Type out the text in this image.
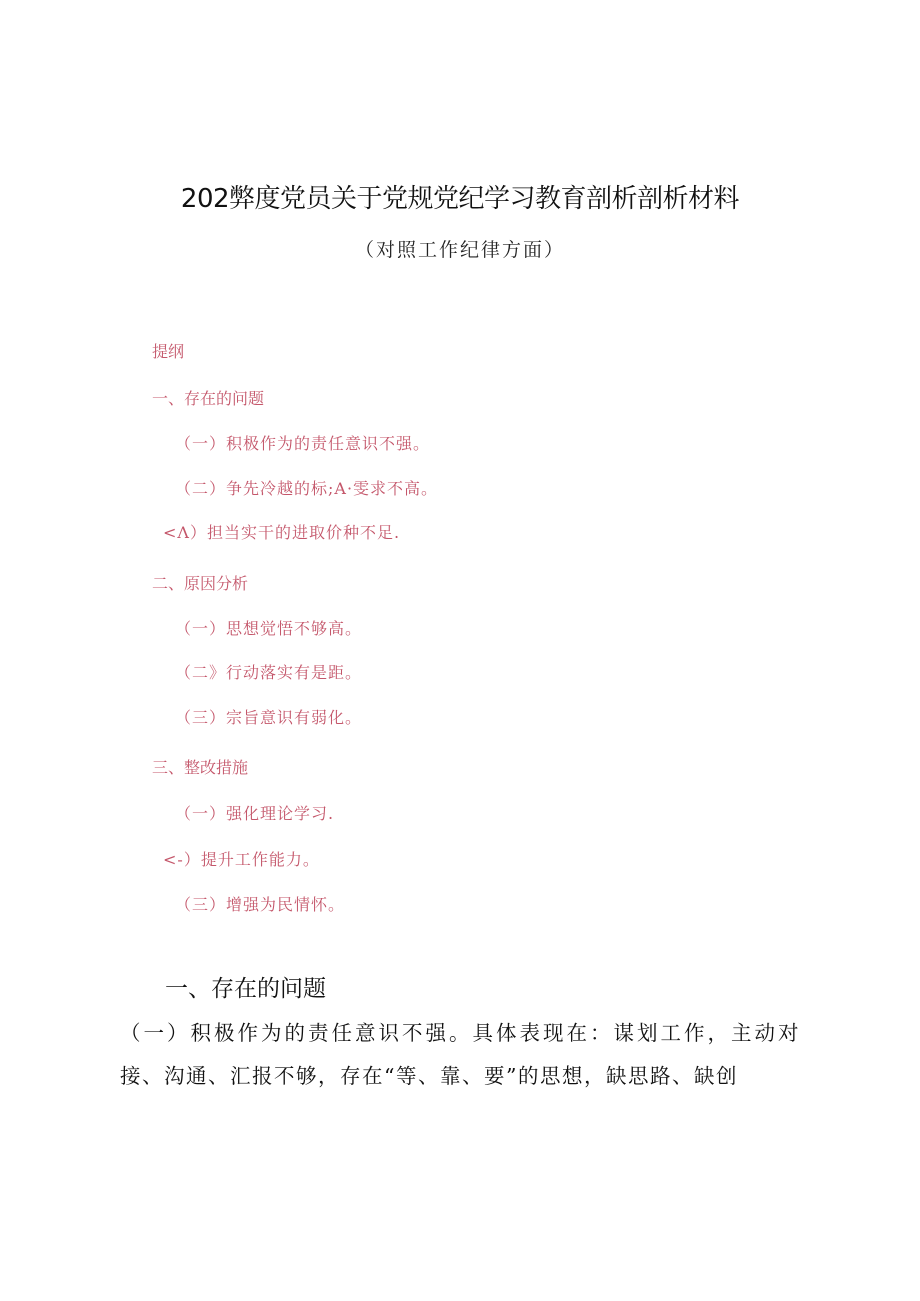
202弊度党员关于党规党纪学习教育剖析剖析材料
（对照工作纪律方面）
提纲
一、存在的问题
（一）积极作为的责任意识不强。
（二）争先冷越的标;A·雯求不高。
<Λ）担当实干的进取价种不足.
二、原因分析
（一）思想觉悟不够高。
（二》行动落实有是距。
（三）宗旨意识有弱化。
三、整改措施
（一）强化理论学习.
<-）提升工作能力。
（三）增强为民情怀。
一、存在的问题

（一）积极作为的责任意识不强。具体表现在：谋划工作，主动对接、沟通、汇报不够，存在“等、靠、要”的思想，缺思路、缺创
